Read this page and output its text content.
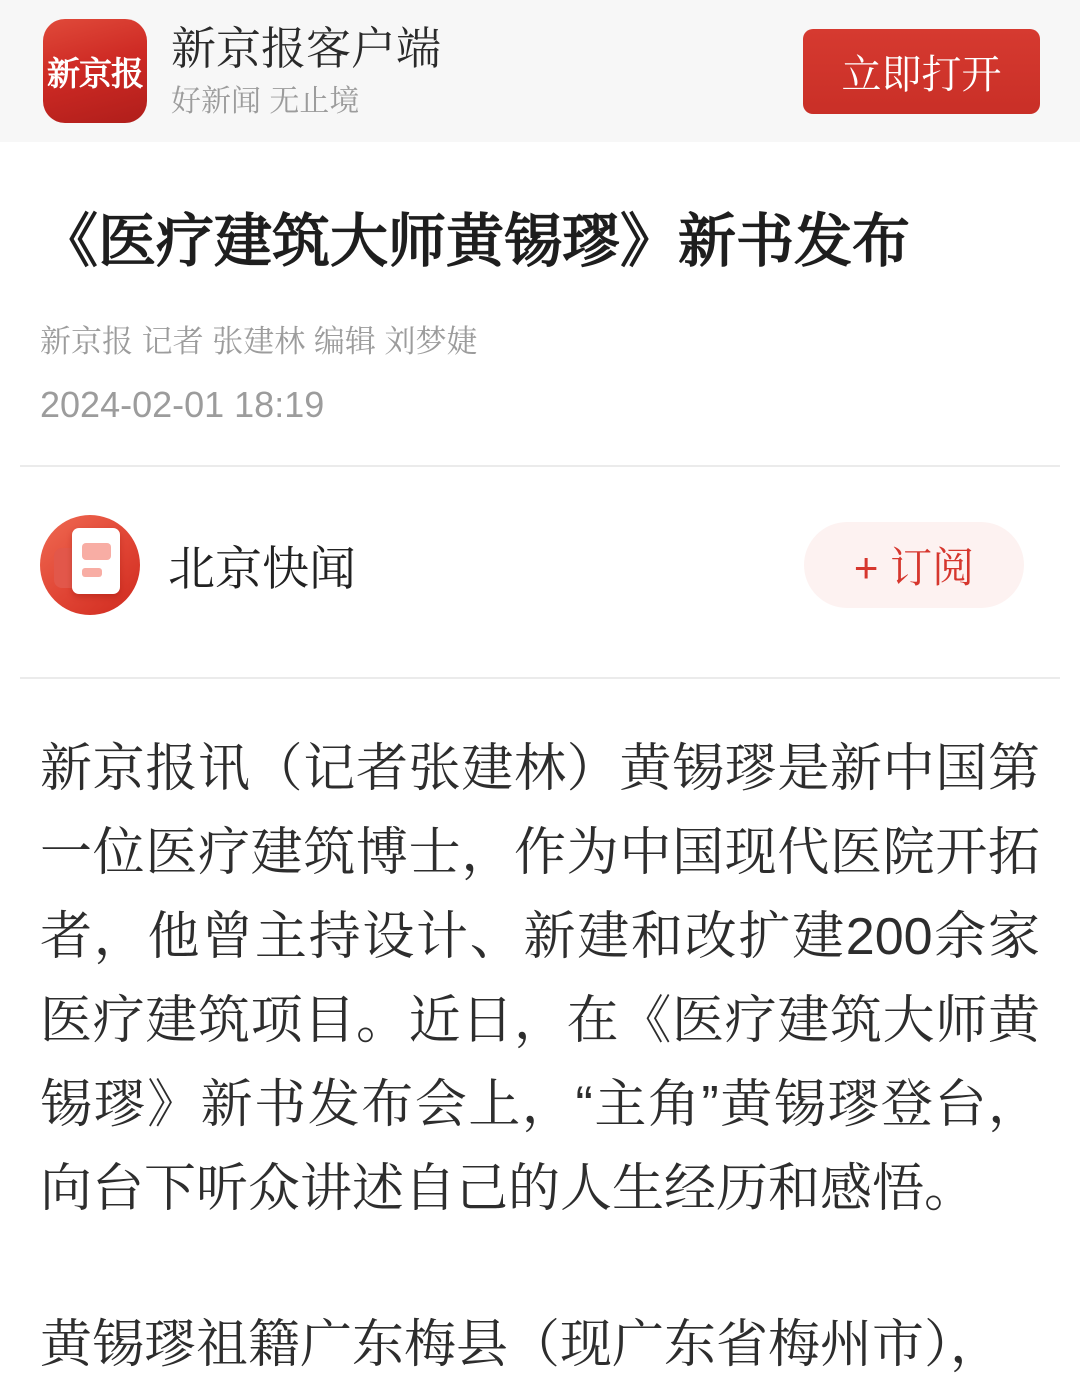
新京报
新京报客户端
好新闻 无止境
立即打开
《医疗建筑大师黄锡璆》新书发布
新京报 记者 张建林 编辑 刘梦婕
2024-02-01 18:19
北京快闻	+ 订阅

新京报讯（记者张建林）黄锡璆是新中国第一位医疗建筑博士，作为中国现代医院开拓者，他曾主持设计、新建和改扩建200余家医疗建筑项目。近日，在《医疗建筑大师黄锡璆》新书发布会上，“主角”黄锡璆登台，向台下听众讲述自己的人生经历和感悟。

黄锡璆祖籍广东梅县（现广东省梅州市），
